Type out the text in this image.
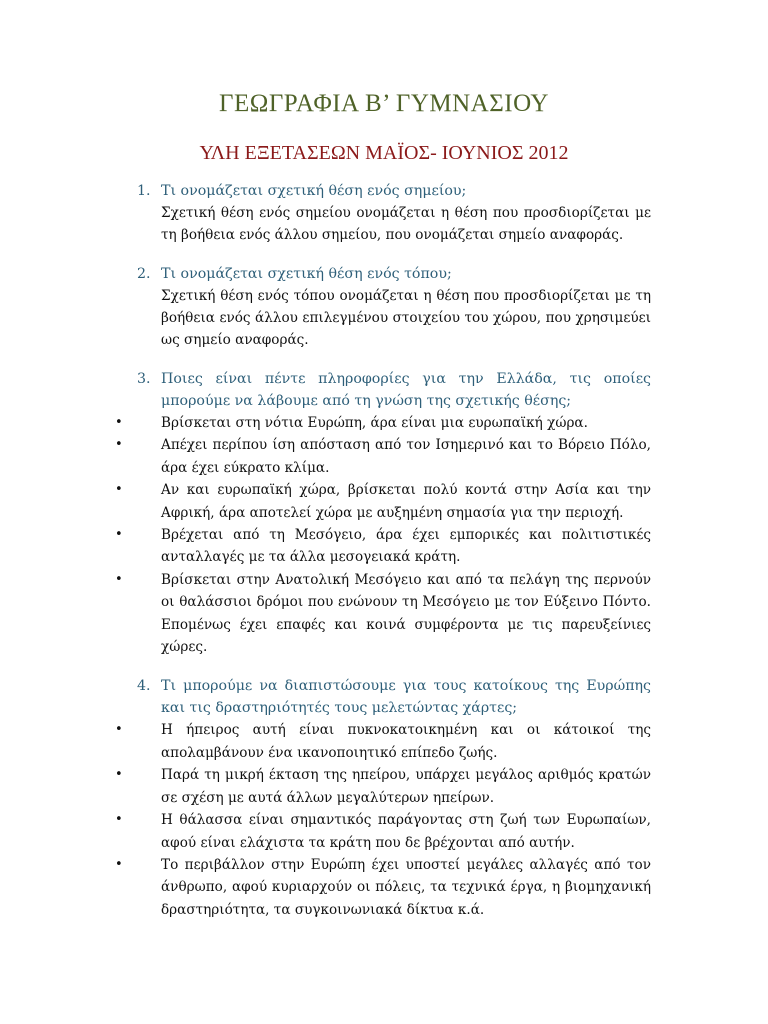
ΓΕΩΓΡΑΦΙΑ Β’ ΓΥΜΝΑΣΙΟΥ
ΥΛΗ ΕΞΕΤΑΣΕΩΝ ΜΑΪΟΣ- ΙΟΥΝΙΟΣ 2012
1. Τι ονομάζεται σχετική θέση ενός σημείου;
Σχετική θέση ενός σημείου ονομάζεται η θέση που προσδιορίζεται με τη βοήθεια ενός άλλου σημείου, που ονομάζεται σημείο αναφοράς.
2. Τι ονομάζεται σχετική θέση ενός τόπου;
Σχετική θέση ενός τόπου ονομάζεται η θέση που προσδιορίζεται με τη βοήθεια ενός άλλου επιλεγμένου στοιχείου του χώρου, που χρησιμεύει ως σημείο αναφοράς.
3. Ποιες είναι πέντε πληροφορίες για την Ελλάδα, τις οποίες μπορούμε να λάβουμε από τη γνώση της σχετικής θέσης;
•	Βρίσκεται στη νότια Ευρώπη, άρα είναι μια ευρωπαϊκή χώρα.
•	Απέχει περίπου ίση απόσταση από τον Ισημερινό και το Βόρειο Πόλο, άρα έχει εύκρατο κλίμα.
•	Αν και ευρωπαϊκή χώρα, βρίσκεται πολύ κοντά στην Ασία και την Αφρική, άρα αποτελεί χώρα με αυξημένη σημασία για την περιοχή.
•	Βρέχεται από τη Μεσόγειο, άρα έχει εμπορικές και πολιτιστικές ανταλλαγές με τα άλλα μεσογειακά κράτη.
•	Βρίσκεται στην Ανατολική Μεσόγειο και από τα πελάγη της περνούν οι θαλάσσιοι δρόμοι που ενώνουν τη Μεσόγειο με τον Εύξεινο Πόντο. Επομένως έχει επαφές και κοινά συμφέροντα με τις παρευξείνιες χώρες.
4. Τι μπορούμε να διαπιστώσουμε για τους κατοίκους της Ευρώπης και τις δραστηριότητές τους μελετώντας χάρτες;
•	Η ήπειρος αυτή είναι πυκνοκατοικημένη και οι κάτοικοί της απολαμβάνουν ένα ικανοποιητικό επίπεδο ζωής.
•	Παρά τη μικρή έκταση της ηπείρου, υπάρχει μεγάλος αριθμός κρατών σε σχέση με αυτά άλλων μεγαλύτερων ηπείρων.
•	Η θάλασσα είναι σημαντικός παράγοντας στη ζωή των Ευρωπαίων, αφού είναι ελάχιστα τα κράτη που δε βρέχονται από αυτήν.
•	Το περιβάλλον στην Ευρώπη έχει υποστεί μεγάλες αλλαγές από τον άνθρωπο, αφού κυριαρχούν οι πόλεις, τα τεχνικά έργα, η βιομηχανική δραστηριότητα, τα συγκοινωνιακά δίκτυα κ.ά.
